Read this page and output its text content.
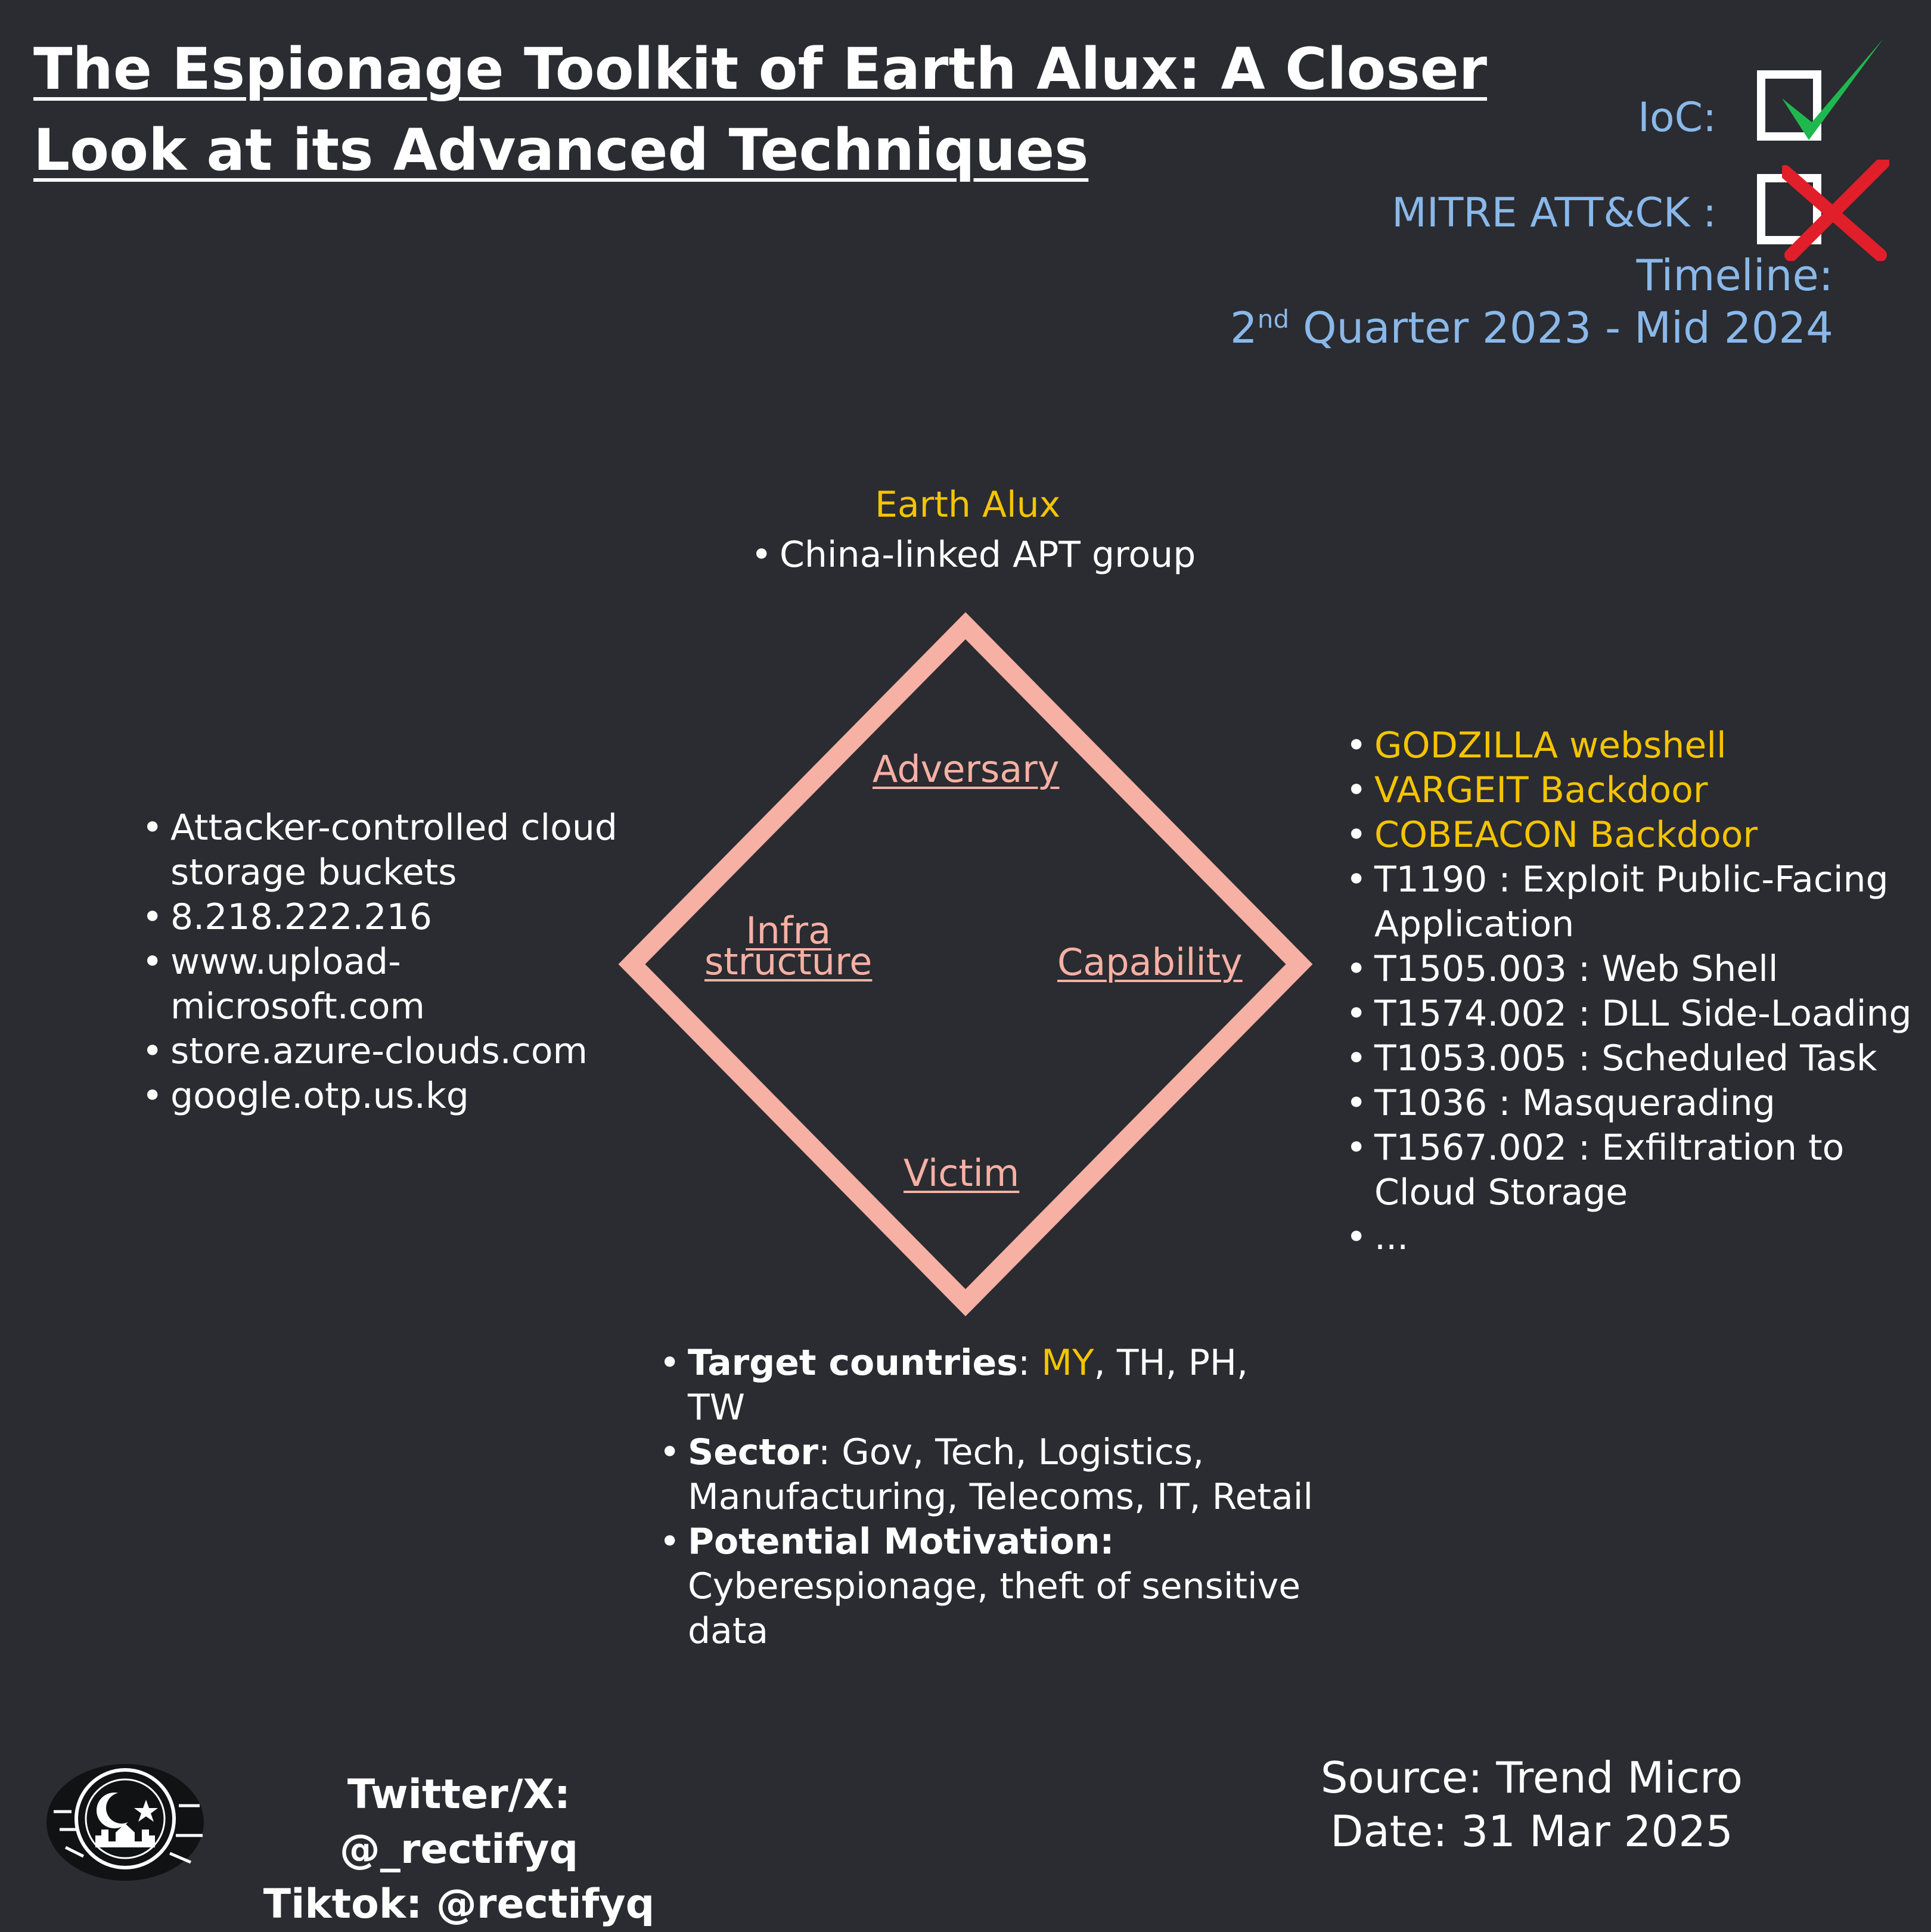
The Espionage Toolkit of Earth Alux: A Closer
Look at its Advanced Techniques	IoC:
MITRE ATT&CK :
Timeline:
2nd Quarter 2023 - Mid 2024
Earth Alux
• China-linked APT group
Adversary
Infra
structure	Capability
Victim
• Attacker-controlled cloud storage buckets
• 8.218.222.216
• www.upload-microsoft.com
• store.azure-clouds.com
• google.otp.us.kg
• GODZILLA webshell
• VARGEIT Backdoor
• COBEACON Backdoor
• T1190 : Exploit Public-Facing Application
• T1505.003 : Web Shell
• T1574.002 : DLL Side-Loading
• T1053.005 : Scheduled Task
• T1036 : Masquerading
• T1567.002 : Exfiltration to Cloud Storage
• ...
• Target countries: MY, TH, PH, TW
• Sector: Gov, Tech, Logistics, Manufacturing, Telecoms, IT, Retail
• Potential Motivation:
Cyberespionage, theft of sensitive data
Twitter/X: @_rectifyq
Tiktok: @rectifyq
Source: Trend Micro
Date: 31 Mar 2025
